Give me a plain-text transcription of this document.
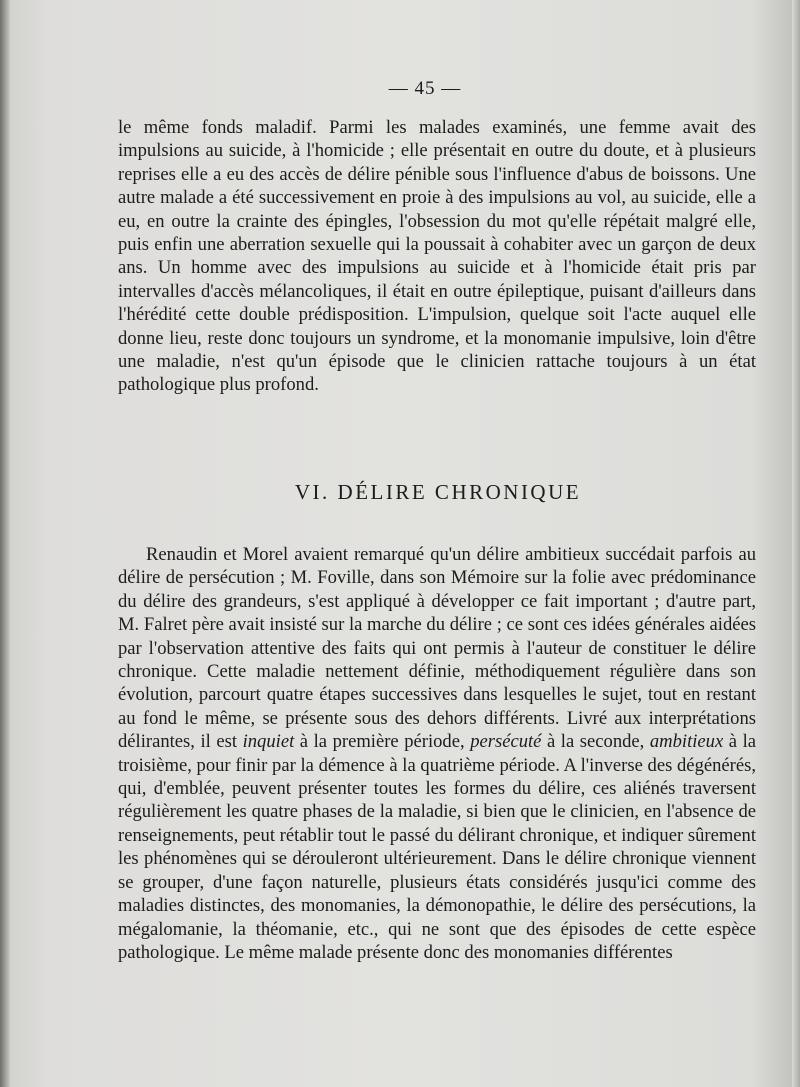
— 45 —
le même fonds maladif. Parmi les malades examinés, une femme avait des impulsions au suicide, à l'homicide ; elle présentait en outre du doute, et à plusieurs reprises elle a eu des accès de délire pénible sous l'influence d'abus de boissons. Une autre malade a été successivement en proie à des impulsions au vol, au suicide, elle a eu, en outre la crainte des épingles, l'obsession du mot qu'elle répétait malgré elle, puis enfin une aberration sexuelle qui la poussait à cohabiter avec un garçon de deux ans. Un homme avec des impulsions au suicide et à l'homicide était pris par intervalles d'accès mélancoliques, il était en outre épileptique, puisant d'ailleurs dans l'hérédité cette double prédisposition. L'impulsion, quelque soit l'acte auquel elle donne lieu, reste donc toujours un syndrome, et la monomanie impulsive, loin d'être une maladie, n'est qu'un épisode que le clinicien rattache toujours à un état pathologique plus profond.
VI. DÉLIRE CHRONIQUE
Renaudin et Morel avaient remarqué qu'un délire ambitieux succédait parfois au délire de persécution ; M. Foville, dans son Mémoire sur la folie avec prédominance du délire des grandeurs, s'est appliqué à développer ce fait important ; d'autre part, M. Falret père avait insisté sur la marche du délire ; ce sont ces idées générales aidées par l'observation attentive des faits qui ont permis à l'auteur de constituer le délire chronique. Cette maladie nettement définie, méthodiquement régulière dans son évolution, parcourt quatre étapes successives dans lesquelles le sujet, tout en restant au fond le même, se présente sous des dehors différents. Livré aux interprétations délirantes, il est inquiet à la première période, persécuté à la seconde, ambitieux à la troisième, pour finir par la démence à la quatrième période. A l'inverse des dégénérés, qui, d'emblée, peuvent présenter toutes les formes du délire, ces aliénés traversent régulièrement les quatre phases de la maladie, si bien que le clinicien, en l'absence de renseignements, peut rétablir tout le passé du délirant chronique, et indiquer sûrement les phénomènes qui se dérouleront ultérieurement. Dans le délire chronique viennent se grouper, d'une façon naturelle, plusieurs états considérés jusqu'ici comme des maladies distinctes, des monomanies, la démonopathie, le délire des persécutions, la mégalomanie, la théomanie, etc., qui ne sont que des épisodes de cette espèce pathologique. Le même malade présente donc des monomanies différentes
